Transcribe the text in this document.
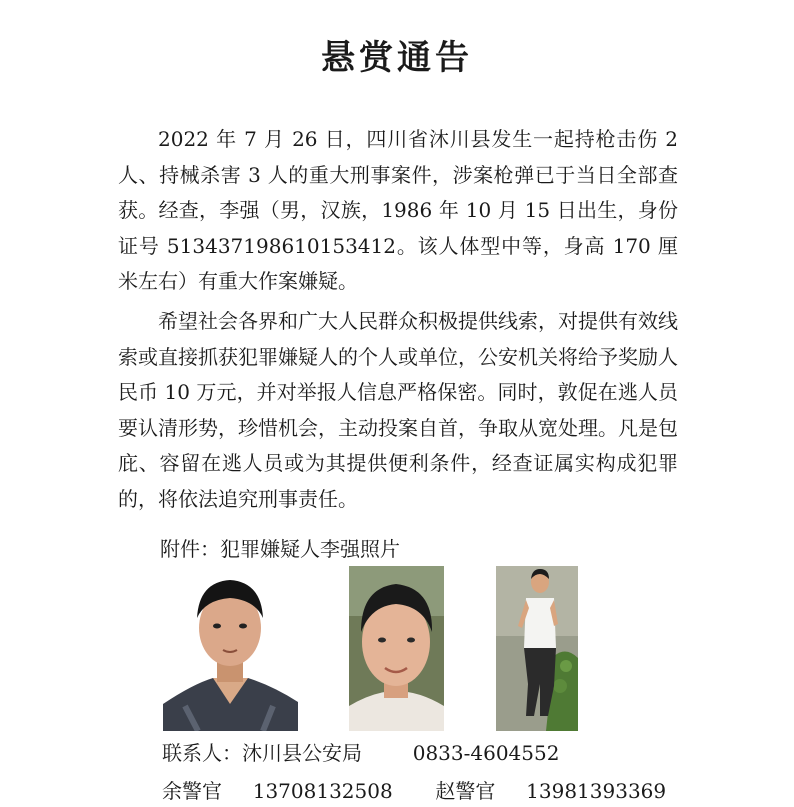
悬赏通告

2022 年 7 月 26 日，四川省沐川县发生一起持枪击伤 2 人、持械杀害 3 人的重大刑事案件，涉案枪弹已于当日全部查获。经查，李强（男，汉族，1986 年 10 月 15 日出生，身份证号 513437198610153412。该人体型中等，身高 170 厘米左右）有重大作案嫌疑。

希望社会各界和广大人民群众积极提供线索，对提供有效线索或直接抓获犯罪嫌疑人的个人或单位，公安机关将给予奖励人民币 10 万元，并对举报人信息严格保密。同时，敦促在逃人员要认清形势，珍惜机会，主动投案自首，争取从宽处理。凡是包庇、容留在逃人员或为其提供便利条件，经查证属实构成犯罪的，将依法追究刑事责任。

附件：犯罪嫌疑人李强照片
联系人：沐川县公安局	0833-4604552
余警官 13708132508 赵警官 13981393369
